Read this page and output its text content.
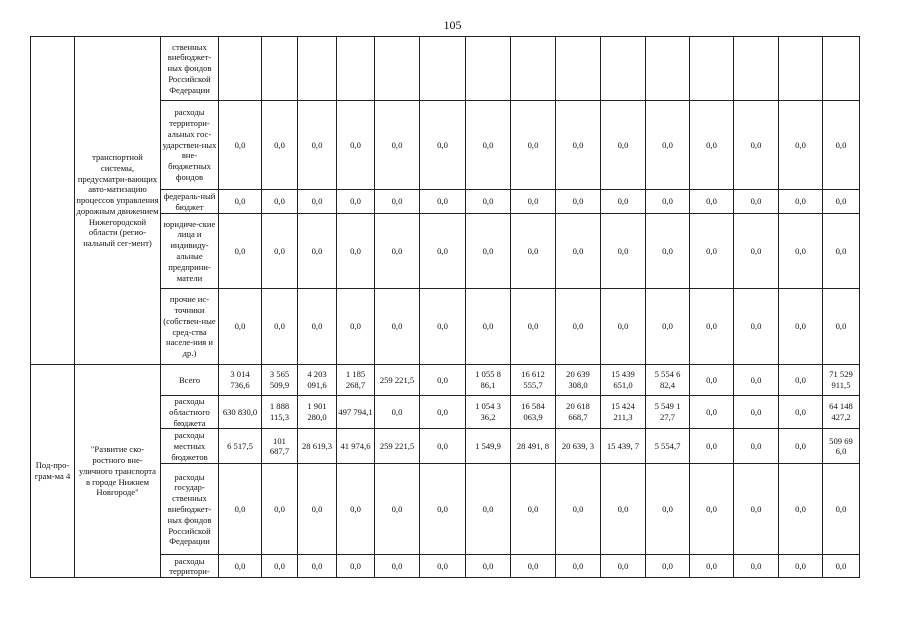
105
	транспортной системы, предусматри-вающих авто-матизацию процессов управления дорожным движением Нижегородской области (регио-нальный сег-мент)	ственных внебюджет-ных фондов Российской Федерации															
		расходы территори-альных гос-ударствен-ных вне-бюджетных фондов	0,0	0,0	0,0	0,0	0,0	0,0	0,0	0,0	0,0	0,0	0,0	0,0	0,0	0,0	0,0
		федераль-ный бюджет	0,0	0,0	0,0	0,0	0,0	0,0	0,0	0,0	0,0	0,0	0,0	0,0	0,0	0,0	0,0
		юридиче-ские лица и индивиду-альные предприни-матели	0,0	0,0	0,0	0,0	0,0	0,0	0,0	0,0	0,0	0,0	0,0	0,0	0,0	0,0	0,0
		прочие ис-точники (собствен-ные сред-ства населе-ния и др.)	0,0	0,0	0,0	0,0	0,0	0,0	0,0	0,0	0,0	0,0	0,0	0,0	0,0	0,0	0,0
Под-про-грам-ма 4	"Развитие ско-ростного вне-уличного транспорта в городе Нижнем Новгороде"	Всего	3 014 736,6	3 565 509,9	4 203 091,6	1 185 268,7	259 221,5	0,0	1 055 8 86,1	16 612 555,7	20 639 308,0	15 439 651,0	5 554 6 82,4	0,0	0,0	0,0	71 529 911,5
		расходы областного бюджета	630 830,0	1 888 115,3	1 901 280,0	497 794,1	0,0	0,0	1 054 3 36,2	16 584 063,9	20 618 668,7	15 424 211,3	5 549 1 27,7	0,0	0,0	0,0	64 148 427,2
		расходы местных бюджетов	6 517,5	101 687,7	28 619,3	41 974,6	259 221,5	0,0	1 549,9	28 491, 8	20 639, 3	15 439, 7	5 554,7	0,0	0,0	0,0	509 69 6,0
		расходы государ-ственных внебюджет-ных фондов Российской Федерации	0,0	0,0	0,0	0,0	0,0	0,0	0,0	0,0	0,0	0,0	0,0	0,0	0,0	0,0	0,0
		расходы территори-	0,0	0,0	0,0	0,0	0,0	0,0	0,0	0,0	0,0	0,0	0,0	0,0	0,0	0,0	0,0
